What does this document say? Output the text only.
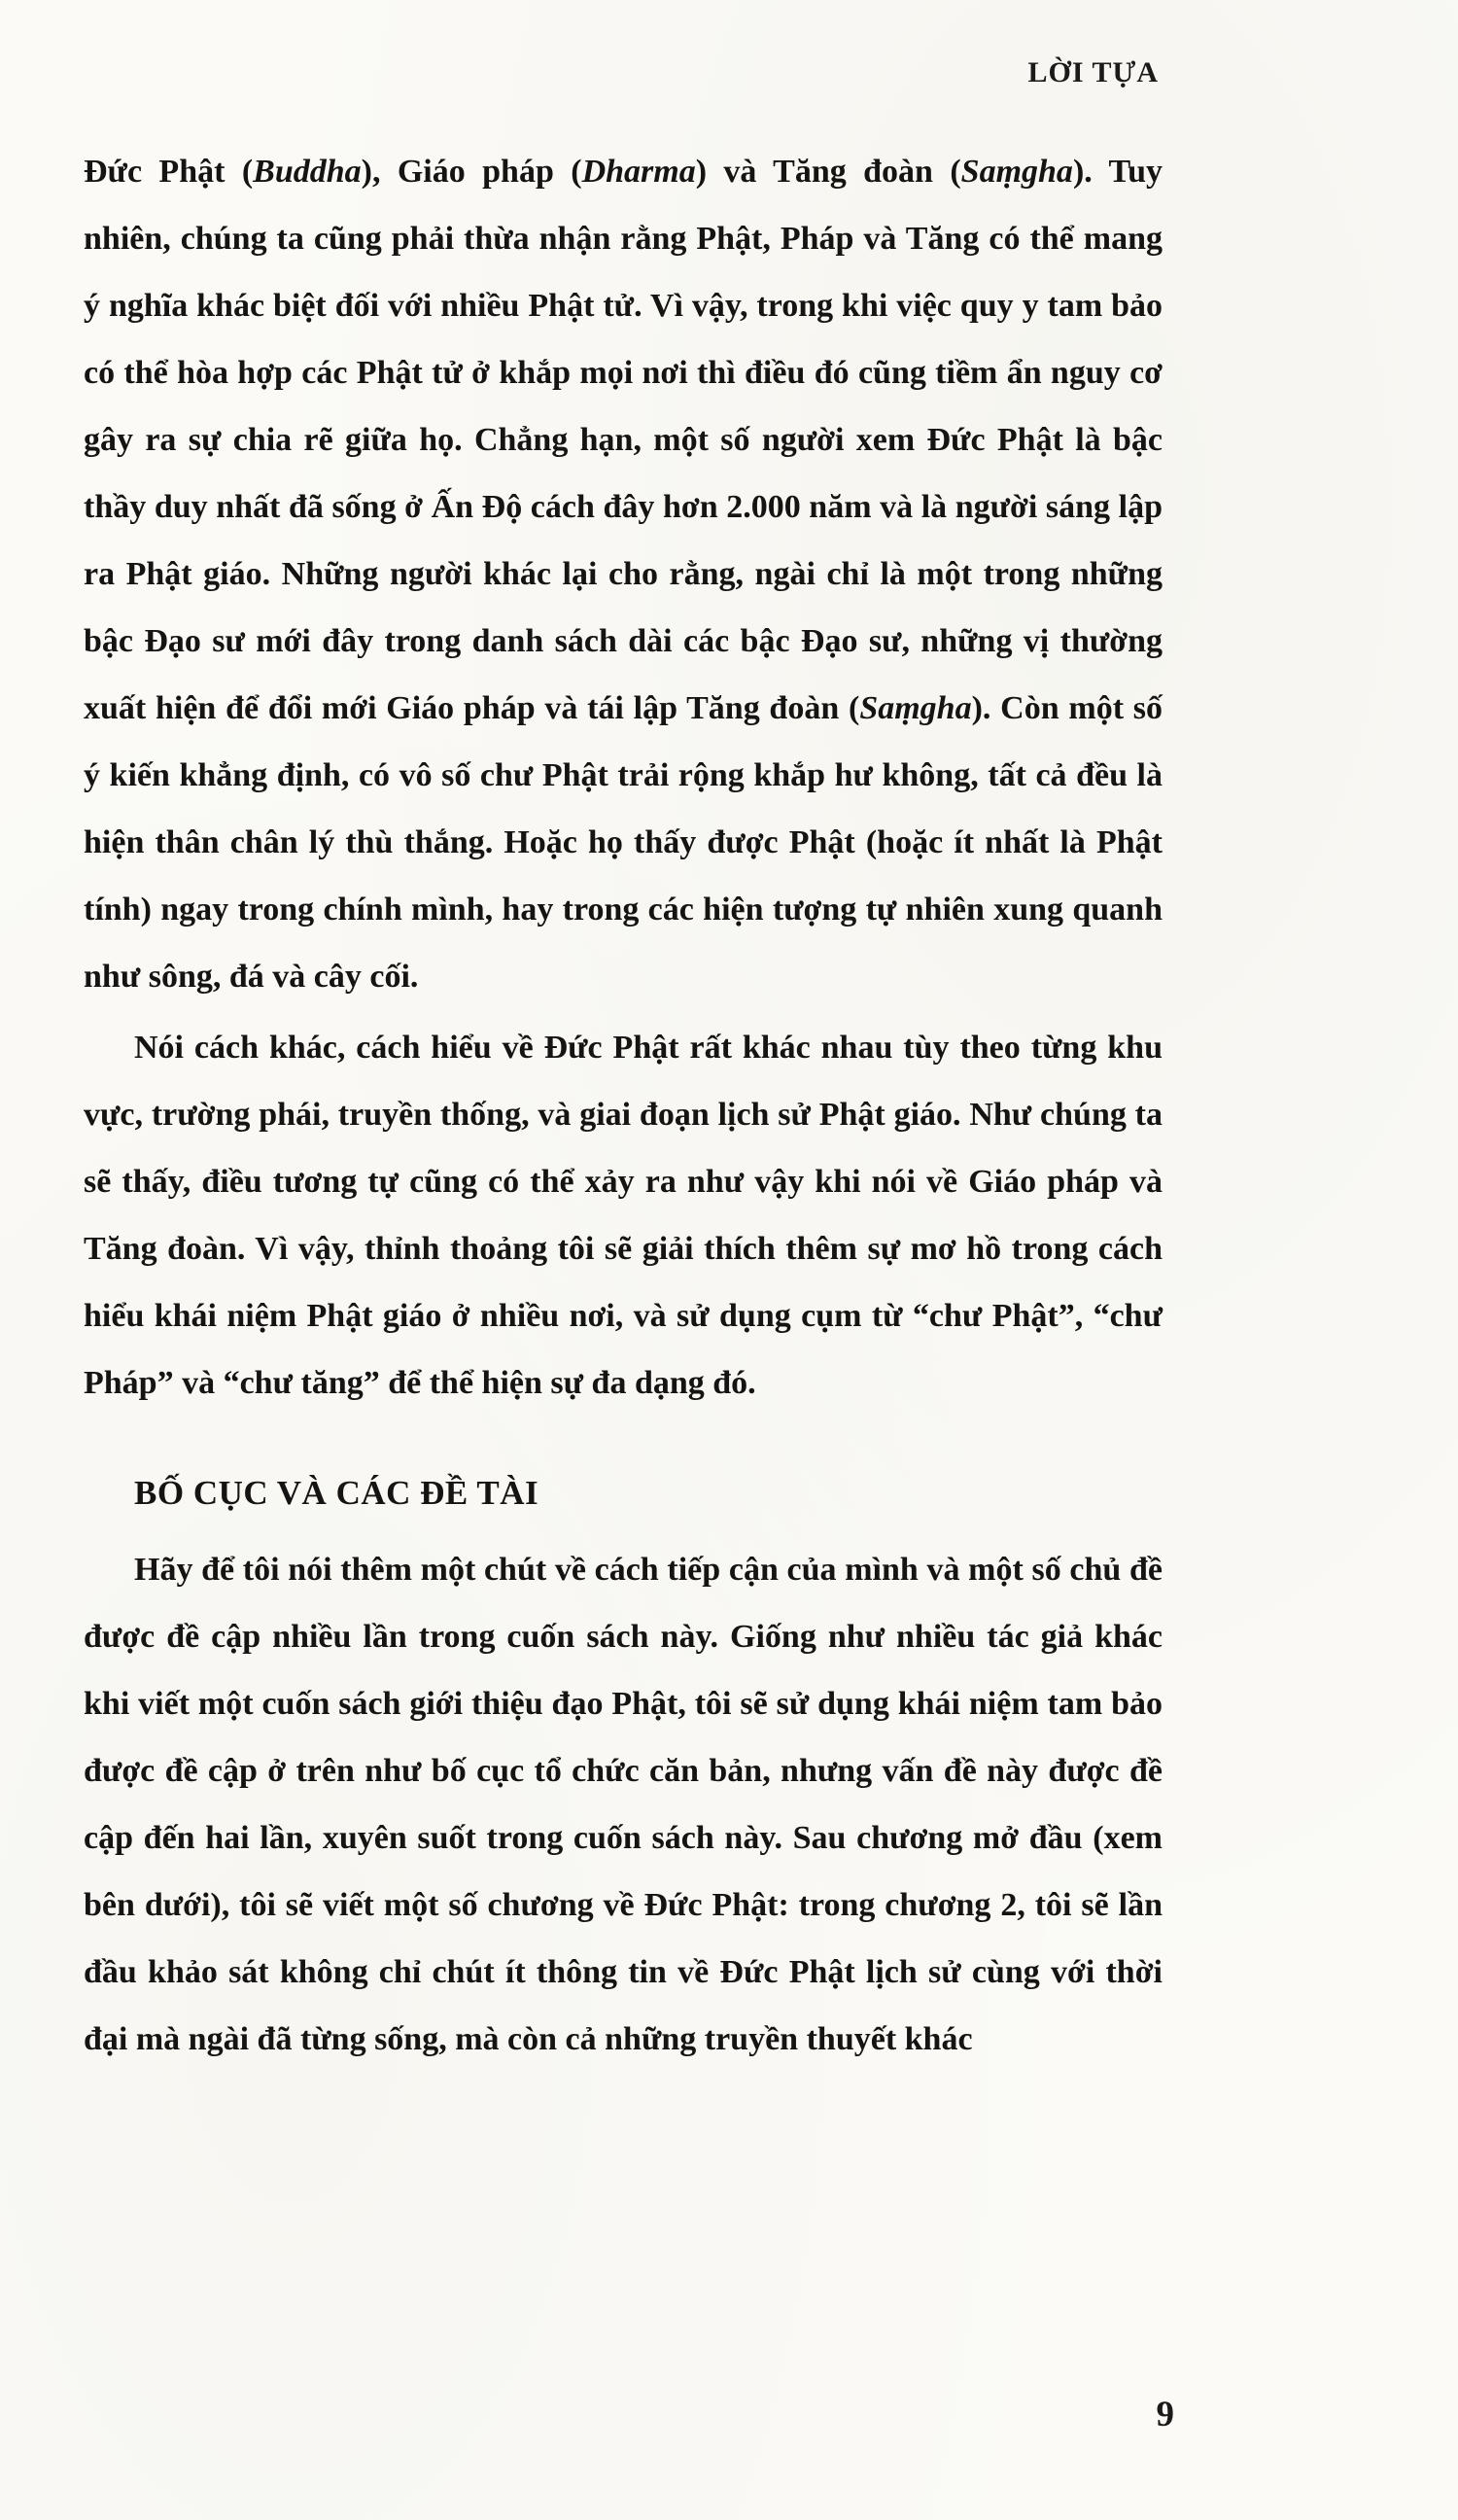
LỜI TỰA

Đức Phật (Buddha), Giáo pháp (Dharma) và Tăng đoàn (Saṃgha). Tuy nhiên, chúng ta cũng phải thừa nhận rằng Phật, Pháp và Tăng có thể mang ý nghĩa khác biệt đối với nhiều Phật tử. Vì vậy, trong khi việc quy y tam bảo có thể hòa hợp các Phật tử ở khắp mọi nơi thì điều đó cũng tiềm ẩn nguy cơ gây ra sự chia rẽ giữa họ. Chẳng hạn, một số người xem Đức Phật là bậc thầy duy nhất đã sống ở Ấn Độ cách đây hơn 2.000 năm và là người sáng lập ra Phật giáo. Những người khác lại cho rằng, ngài chỉ là một trong những bậc Đạo sư mới đây trong danh sách dài các bậc Đạo sư, những vị thường xuất hiện để đổi mới Giáo pháp và tái lập Tăng đoàn (Saṃgha). Còn một số ý kiến khẳng định, có vô số chư Phật trải rộng khắp hư không, tất cả đều là hiện thân chân lý thù thắng. Hoặc họ thấy được Phật (hoặc ít nhất là Phật tính) ngay trong chính mình, hay trong các hiện tượng tự nhiên xung quanh như sông, đá và cây cối.

Nói cách khác, cách hiểu về Đức Phật rất khác nhau tùy theo từng khu vực, trường phái, truyền thống, và giai đoạn lịch sử Phật giáo. Như chúng ta sẽ thấy, điều tương tự cũng có thể xảy ra như vậy khi nói về Giáo pháp và Tăng đoàn. Vì vậy, thỉnh thoảng tôi sẽ giải thích thêm sự mơ hồ trong cách hiểu khái niệm Phật giáo ở nhiều nơi, và sử dụng cụm từ “chư Phật”, “chư Pháp” và “chư tăng” để thể hiện sự đa dạng đó.

BỐ CỤC VÀ CÁC ĐỀ TÀI

Hãy để tôi nói thêm một chút về cách tiếp cận của mình và một số chủ đề được đề cập nhiều lần trong cuốn sách này. Giống như nhiều tác giả khác khi viết một cuốn sách giới thiệu đạo Phật, tôi sẽ sử dụng khái niệm tam bảo được đề cập ở trên như bố cục tổ chức căn bản, nhưng vấn đề này được đề cập đến hai lần, xuyên suốt trong cuốn sách này. Sau chương mở đầu (xem bên dưới), tôi sẽ viết một số chương về Đức Phật: trong chương 2, tôi sẽ lần đầu khảo sát không chỉ chút ít thông tin về Đức Phật lịch sử cùng với thời đại mà ngài đã từng sống, mà còn cả những truyền thuyết khác

9
